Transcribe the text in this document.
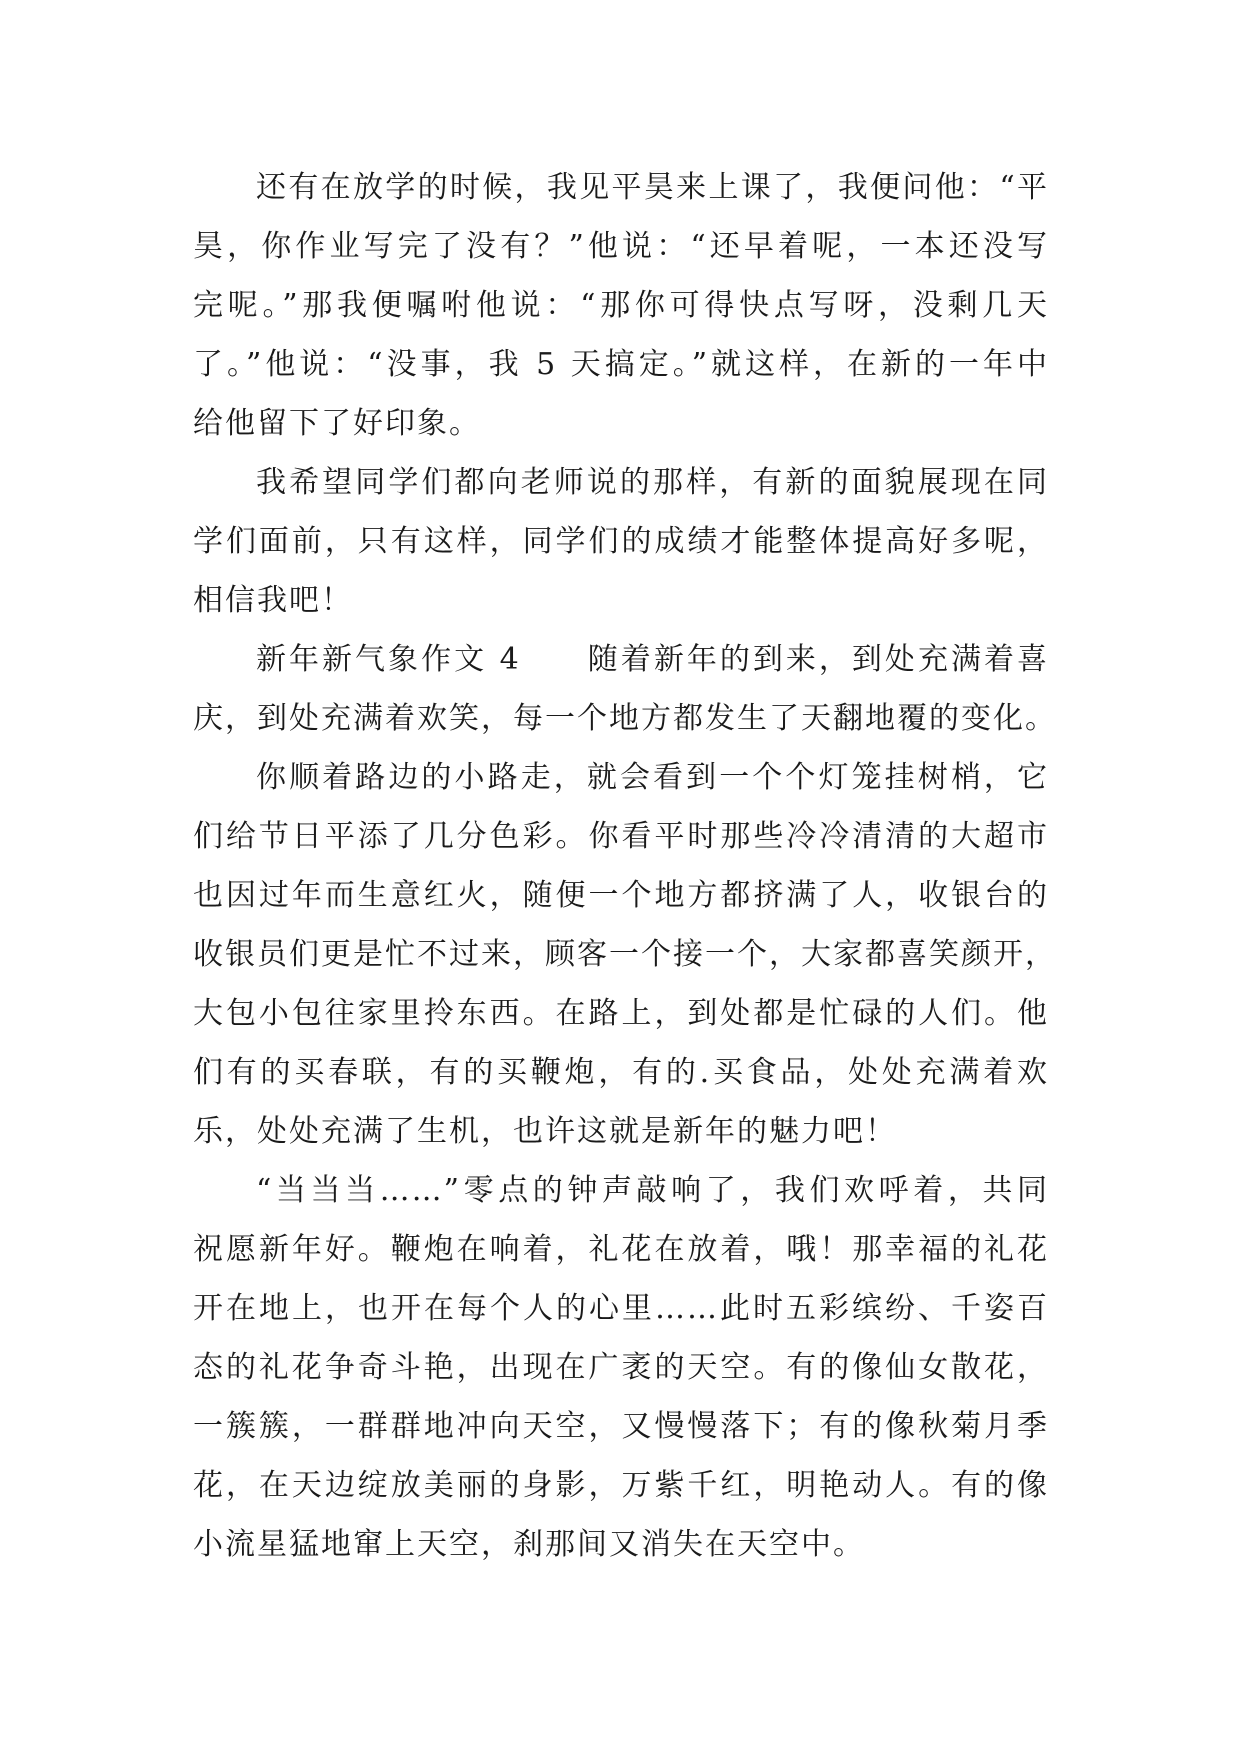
还有在放学的时候，我见平昊来上课了，我便问他：“平
昊，你作业写完了没有？”他说：“还早着呢，一本还没写
完呢。”那我便嘱咐他说：“那你可得快点写呀，没剩几天
了。”他说：“没事，我 5 天搞定。”就这样，在新的一年中
给他留下了好印象。
我希望同学们都向老师说的那样，有新的面貌展现在同
学们面前，只有这样，同学们的成绩才能整体提高好多呢，
相信我吧！
新年新气象作文 4　　随着新年的到来，到处充满着喜
庆，到处充满着欢笑，每一个地方都发生了天翻地覆的变化。
你顺着路边的小路走，就会看到一个个灯笼挂树梢，它
们给节日平添了几分色彩。你看平时那些冷冷清清的大超市
也因过年而生意红火，随便一个地方都挤满了人，收银台的
收银员们更是忙不过来，顾客一个接一个，大家都喜笑颜开，
大包小包往家里拎东西。在路上，到处都是忙碌的人们。他
们有的买春联，有的买鞭炮，有的.买食品，处处充满着欢
乐，处处充满了生机，也许这就是新年的魅力吧！
“当当当……”零点的钟声敲响了，我们欢呼着，共同
祝愿新年好。鞭炮在响着，礼花在放着，哦！那幸福的礼花
开在地上，也开在每个人的心里……此时五彩缤纷、千姿百
态的礼花争奇斗艳，出现在广袤的天空。有的像仙女散花，
一簇簇，一群群地冲向天空，又慢慢落下；有的像秋菊月季
花，在天边绽放美丽的身影，万紫千红，明艳动人。有的像
小流星猛地窜上天空，刹那间又消失在天空中。
